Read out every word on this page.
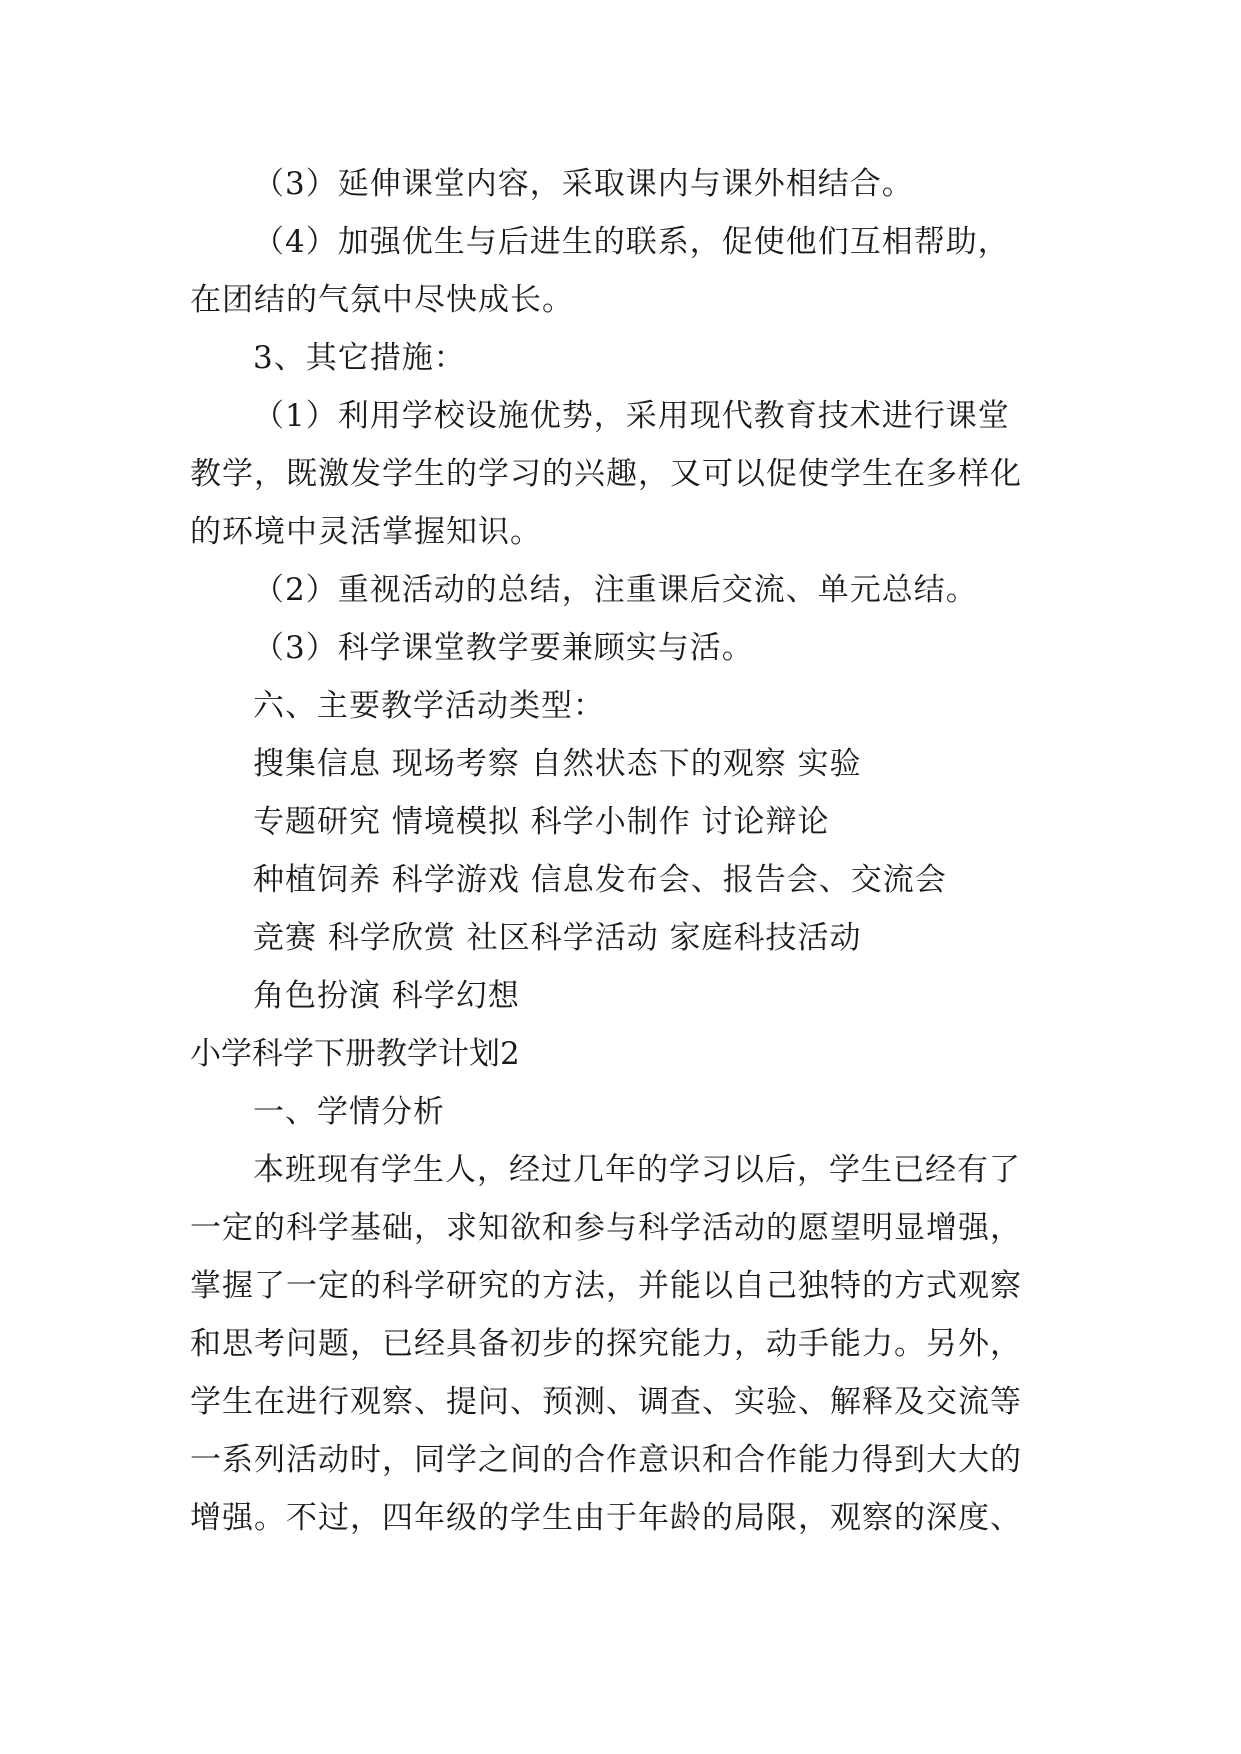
（3）延伸课堂内容，采取课内与课外相结合。
（4）加强优生与后进生的联系，促使他们互相帮助，
在团结的气氛中尽快成长。
3、其它措施：
（1）利用学校设施优势，采用现代教育技术进行课堂
教学，既激发学生的学习的兴趣，又可以促使学生在多样化
的环境中灵活掌握知识。
（2）重视活动的总结，注重课后交流、单元总结。
（3）科学课堂教学要兼顾实与活。
六、主要教学活动类型：
搜集信息 现场考察 自然状态下的观察 实验
专题研究 情境模拟 科学小制作 讨论辩论
种植饲养 科学游戏 信息发布会、报告会、交流会
竞赛 科学欣赏 社区科学活动 家庭科技活动
角色扮演 科学幻想
小学科学下册教学计划2
一、学情分析
本班现有学生人，经过几年的学习以后，学生已经有了
一定的科学基础，求知欲和参与科学活动的愿望明显增强，
掌握了一定的科学研究的方法，并能以自己独特的方式观察
和思考问题，已经具备初步的探究能力，动手能力。另外，
学生在进行观察、提问、预测、调查、实验、解释及交流等
一系列活动时，同学之间的合作意识和合作能力得到大大的
增强。不过，四年级的学生由于年龄的局限，观察的深度、
